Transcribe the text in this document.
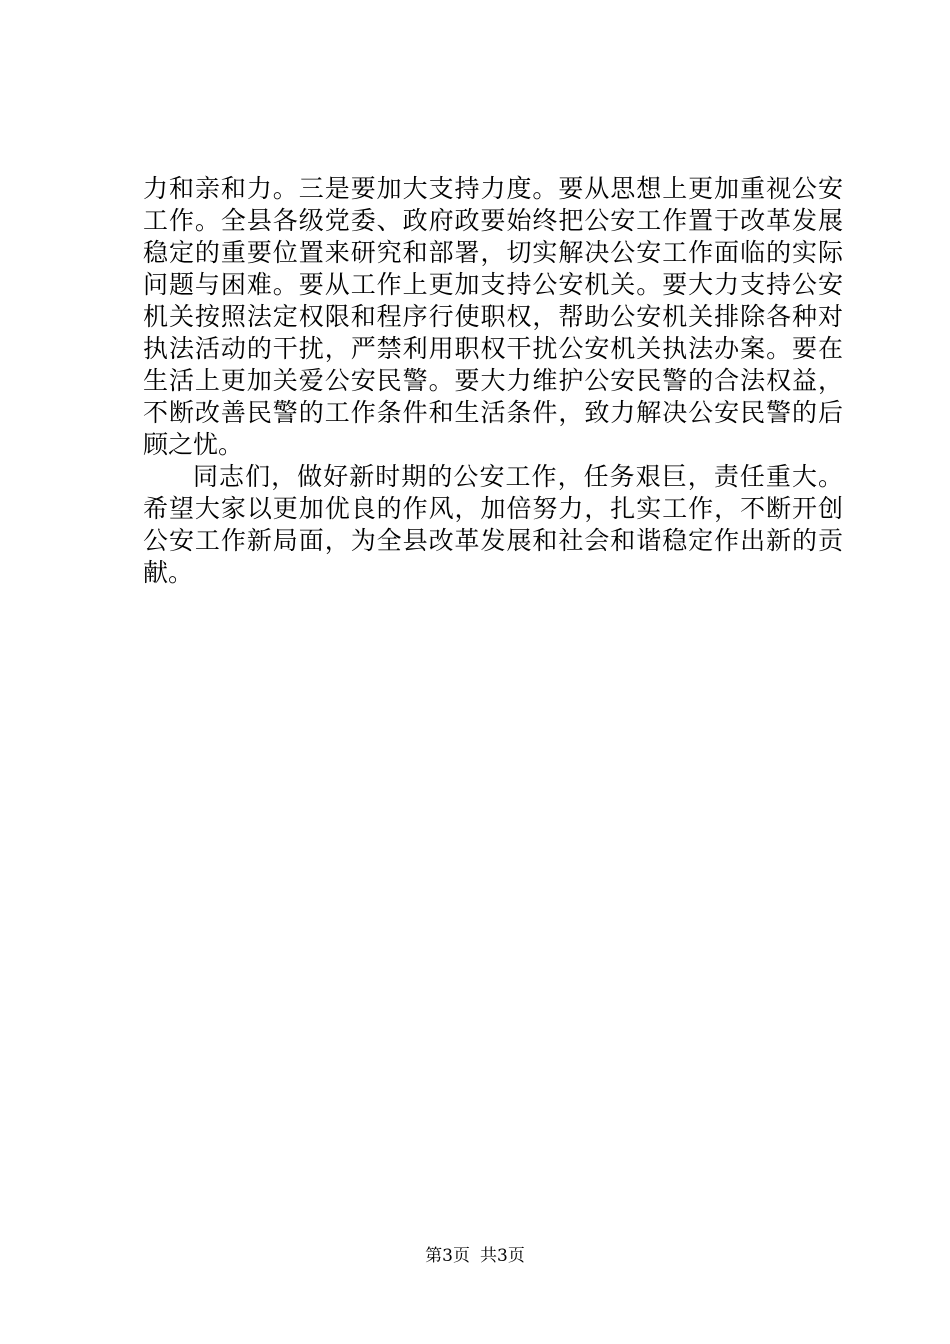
力和亲和力。三是要加大支持力度。要从思想上更加重视公安
工作。全县各级党委、政府政要始终把公安工作置于改革发展
稳定的重要位置来研究和部署，切实解决公安工作面临的实际
问题与困难。要从工作上更加支持公安机关。要大力支持公安
机关按照法定权限和程序行使职权，帮助公安机关排除各种对
执法活动的干扰，严禁利用职权干扰公安机关执法办案。要在
生活上更加关爱公安民警。要大力维护公安民警的合法权益，
不断改善民警的工作条件和生活条件，致力解决公安民警的后
顾之忧。
同志们，做好新时期的公安工作，任务艰巨，责任重大。
希望大家以更加优良的作风，加倍努力，扎实工作，不断开创
公安工作新局面，为全县改革发展和社会和谐稳定作出新的贡
献。
第3页 共3页
